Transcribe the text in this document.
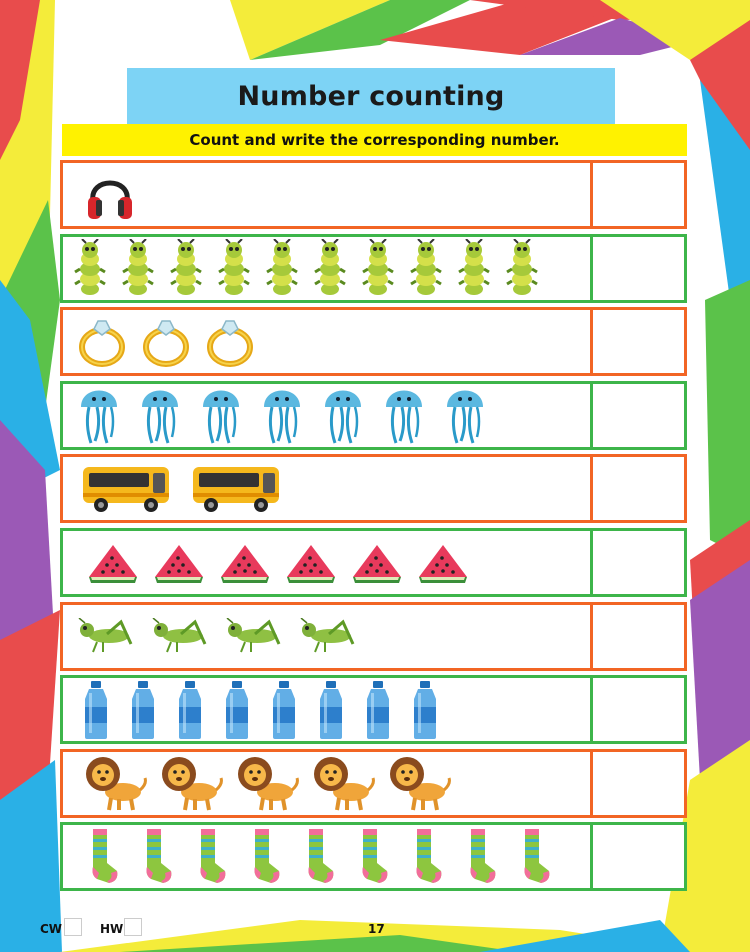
Number counting
Count and write the corresponding number.
CW	HW	17
